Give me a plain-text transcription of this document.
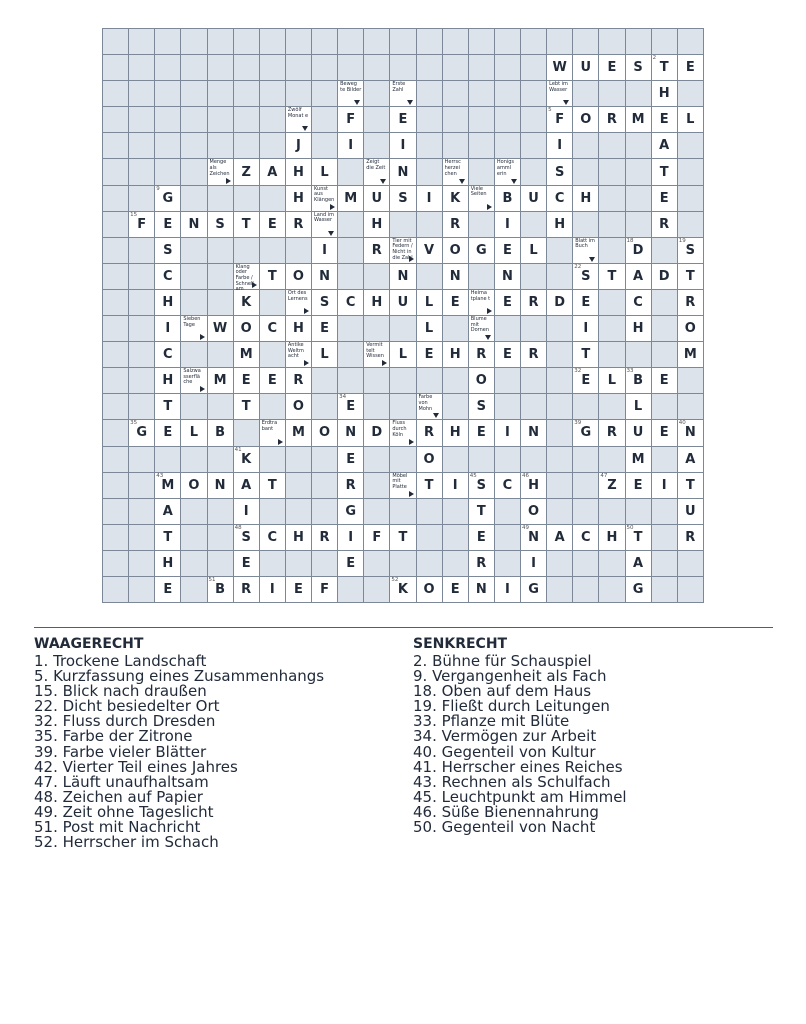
W U E S
2
T E
Beweg te Bilder
Erste Zahl
Lebt im Wasser	H
Zwölf Monat e	F	E
5
F O R M E L
J	I	I	I	A
Menge als Zeichen Z A H L
Zeigt die Zeit N
Herrsc herzei chen
Honigs amml erin	S	T
9
G	H
Kunst aus Klängen M U S I K
Viele Seiten	B U C H	E
15
F E N S T E R
Land im Wasser	H	R	I	H	R
S	I	R
Tier mit Federn / Nicht in die Zahl V O G E L
Blatt im Buch
18
D
19
S
C
Klang oder Farbe / Schnell	T O N	N	N	N
22
S T A D T
H	K
Ort des Lernens S C H U L E
Heima tplane t E R D E	C	R
I
Sieben Tage	W O C H E	L
Blume mit Dornen	I	H	O
C	M
Antike Weltm acht	L
Vermit telt Wissen	L E H R E R	T	M
H
Salzwa sserflä che	M E E R	O
32
E L
33
B E
T	T	O
34
E
Farbe von Mohn	S	L
35
G E L B
Erdtra bant	M O N D
Fluss durch Köln	R H E I N
39
G R U E
40
N
41
K	E	O	M	A
43
M O N A T	R
Möbel mit Platte	T I
45
S C
46
H
47
Z E I T
A	I	G	T	O	U
T
48
S C H R I F T	E
49
N A C H
50
T	R
H	E	E	R	I	A
E
51
B R I E F
52
K O E N I G	G
WAAGERECHT
1. Trockene Landschaft
5. Kurzfassung eines Zusammenhangs
15. Blick nach draußen
22. Dicht besiedelter Ort
32. Fluss durch Dresden
35. Farbe der Zitrone
39. Farbe vieler Blätter
42. Vierter Teil eines Jahres
47. Läuft unaufhaltsam
48. Zeichen auf Papier
49. Zeit ohne Tageslicht
51. Post mit Nachricht
52. Herrscher im Schach
SENKRECHT
2. Bühne für Schauspiel
9. Vergangenheit als Fach
18. Oben auf dem Haus
19. Fließt durch Leitungen
33. Pflanze mit Blüte
34. Vermögen zur Arbeit
40. Gegenteil von Kultur
41. Herrscher eines Reiches
43. Rechnen als Schulfach
45. Leuchtpunkt am Himmel
46. Süße Bienennahrung
50. Gegenteil von Nacht
